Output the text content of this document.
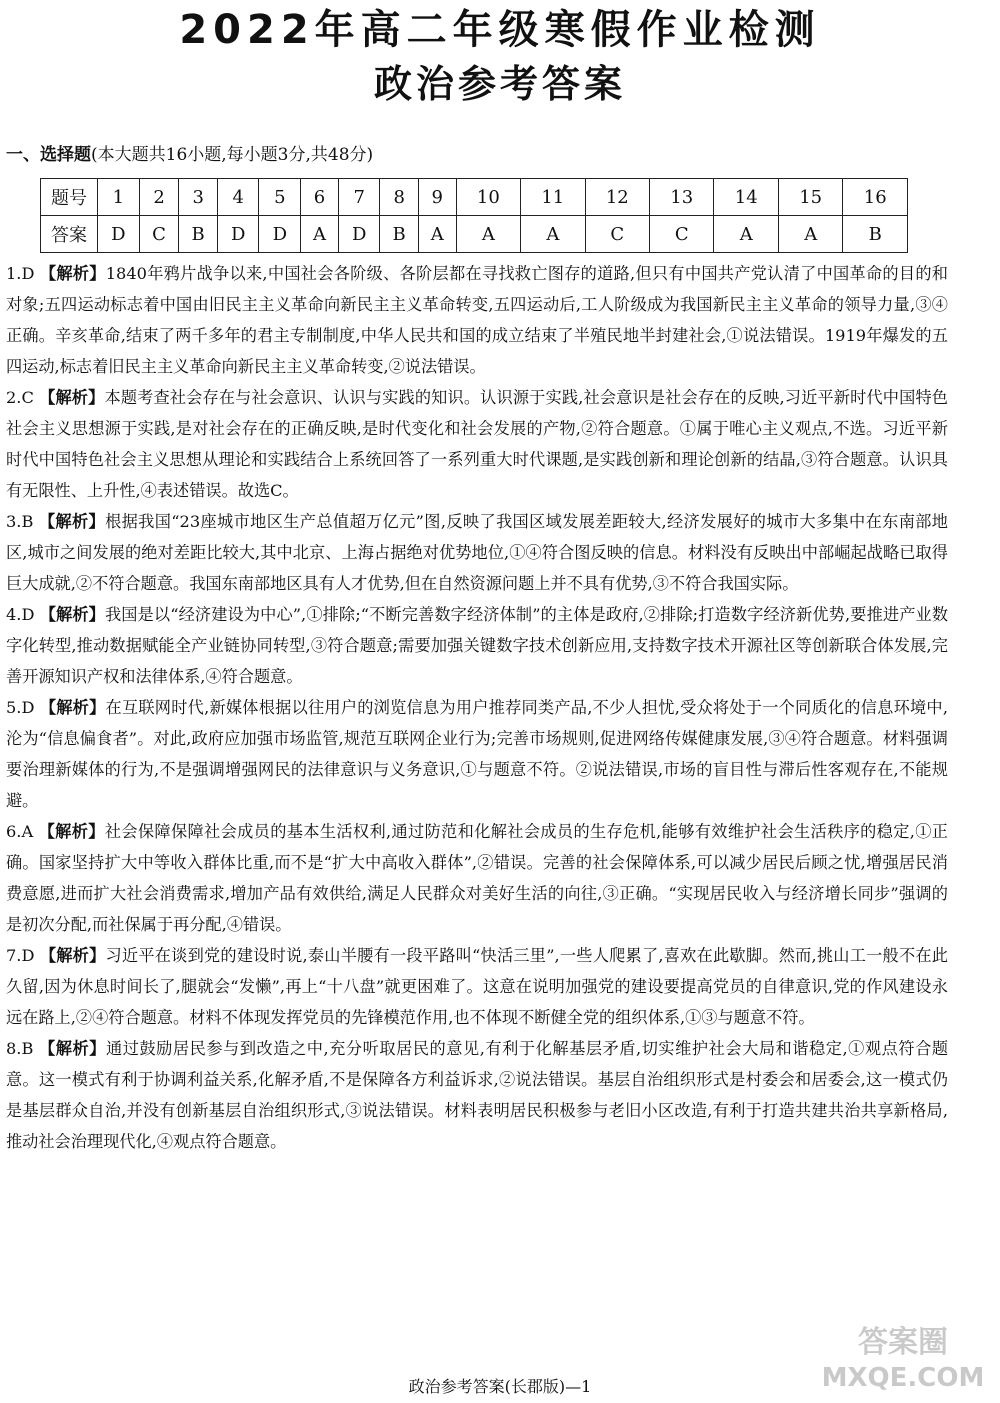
2022年高二年级寒假作业检测
政治参考答案
一、选择题(本大题共16小题,每小题3分,共48分)
题号	1	2	3	4	5	6	7	8	9	10	11	12	13	14	15	16
答案	D	C	B	D	D	A	D	B	A	A	A	C	C	A	A	B

1.D 【解析】1840年鸦片战争以来,中国社会各阶级、各阶层都在寻找救亡图存的道路,但只有中国共产党认清了中国革命的目的和对象;五四运动标志着中国由旧民主主义革命向新民主主义革命转变,五四运动后,工人阶级成为我国新民主主义革命的领导力量,③④正确。辛亥革命,结束了两千多年的君主专制制度,中华人民共和国的成立结束了半殖民地半封建社会,①说法错误。1919年爆发的五四运动,标志着旧民主主义革命向新民主主义革命转变,②说法错误。

2.C 【解析】本题考查社会存在与社会意识、认识与实践的知识。认识源于实践,社会意识是社会存在的反映,习近平新时代中国特色社会主义思想源于实践,是对社会存在的正确反映,是时代变化和社会发展的产物,②符合题意。①属于唯心主义观点,不选。习近平新时代中国特色社会主义思想从理论和实践结合上系统回答了一系列重大时代课题,是实践创新和理论创新的结晶,③符合题意。认识具有无限性、上升性,④表述错误。故选C。

3.B 【解析】根据我国“23座城市地区生产总值超万亿元”图,反映了我国区域发展差距较大,经济发展好的城市大多集中在东南部地区,城市之间发展的绝对差距比较大,其中北京、上海占据绝对优势地位,①④符合图反映的信息。材料没有反映出中部崛起战略已取得巨大成就,②不符合题意。我国东南部地区具有人才优势,但在自然资源问题上并不具有优势,③不符合我国实际。

4.D 【解析】我国是以“经济建设为中心”,①排除;“不断完善数字经济体制”的主体是政府,②排除;打造数字经济新优势,要推进产业数字化转型,推动数据赋能全产业链协同转型,③符合题意;需要加强关键数字技术创新应用,支持数字技术开源社区等创新联合体发展,完善开源知识产权和法律体系,④符合题意。

5.D 【解析】在互联网时代,新媒体根据以往用户的浏览信息为用户推荐同类产品,不少人担忧,受众将处于一个同质化的信息环境中,沦为“信息偏食者”。对此,政府应加强市场监管,规范互联网企业行为;完善市场规则,促进网络传媒健康发展,③④符合题意。材料强调要治理新媒体的行为,不是强调增强网民的法律意识与义务意识,①与题意不符。②说法错误,市场的盲目性与滞后性客观存在,不能规避。

6.A 【解析】社会保障保障社会成员的基本生活权利,通过防范和化解社会成员的生存危机,能够有效维护社会生活秩序的稳定,①正确。国家坚持扩大中等收入群体比重,而不是“扩大中高收入群体”,②错误。完善的社会保障体系,可以减少居民后顾之忧,增强居民消费意愿,进而扩大社会消费需求,增加产品有效供给,满足人民群众对美好生活的向往,③正确。“实现居民收入与经济增长同步”强调的是初次分配,而社保属于再分配,④错误。

7.D 【解析】习近平在谈到党的建设时说,泰山半腰有一段平路叫“快活三里”,一些人爬累了,喜欢在此歇脚。然而,挑山工一般不在此久留,因为休息时间长了,腿就会“发懒”,再上“十八盘”就更困难了。这意在说明加强党的建设要提高党员的自律意识,党的作风建设永远在路上,②④符合题意。材料不体现发挥党员的先锋模范作用,也不体现不断健全党的组织体系,①③与题意不符。

8.B 【解析】通过鼓励居民参与到改造之中,充分听取居民的意见,有利于化解基层矛盾,切实维护社会大局和谐稳定,①观点符合题意。这一模式有利于协调利益关系,化解矛盾,不是保障各方利益诉求,②说法错误。基层自治组织形式是村委会和居委会,这一模式仍是基层群众自治,并没有创新基层自治组织形式,③说法错误。材料表明居民积极参与老旧小区改造,有利于打造共建共治共享新格局,推动社会治理现代化,④观点符合题意。

答案圈
MXQE.COM
政治参考答案(长郡版)—1
